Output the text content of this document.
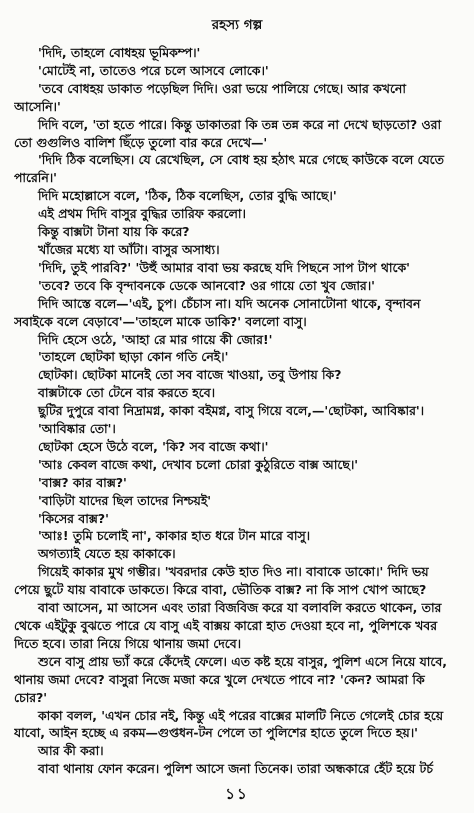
রহস্য গল্প
'দিদি, তাহলে বোধহয় ভূমিকম্প।'
'মোটেই না, তাতেও পরে চলে আসবে লোকে।'
'তবে বোধহয় ডাকাত পড়েছিল দিদি। ওরা ভয়ে পালিয়ে গেছে। আর কখনো
আসেনি।'
দিদি বলে, 'তা হতে পারে। কিন্তু ডাকাতরা কি তন্ন তন্ন করে না দেখে ছাড়তো? ওরা
তো গুগুলিও বালিশ ছিঁড়ে তুলো বার করে দেখে—'
'দিদি ঠিক বলেছিস। যে রেখেছিল, সে বোধ হয় হঠাৎ মরে গেছে কাউকে বলে যেতে
পারেনি।'
দিদি মহোল্লাসে বলে, 'ঠিক, ঠিক বলেছিস, তোর বুদ্ধি আছে।'
এই প্রথম দিদি বাসুর বুদ্ধির তারিফ করলো।
কিন্তু বাক্সটা টানা যায় কি করে?
খাঁজের মধ্যে যা আঁটা। বাসুর অসাধ্য।
'দিদি, তুই পারবি?' 'উহুঁ আমার বাবা ভয় করছে যদি পিছনে সাপ টাপ থাকে'
'তবে? তবে কি বৃন্দাবনকে ডেকে আনবো? ওর গায়ে তো খুব জোর।'
দিদি আস্তে বলে—'এই, চুপ। চেঁচাস না। যদি অনেক সোনাটোনা থাকে, বৃন্দাবন
সবাইকে বলে বেড়াবে'—'তাহলে মাকে ডাকি?' বললো বাসু।
দিদি হেসে ওঠে, 'আহা রে মার গায়ে কী জোর!'
'তাহলে ছোটকা ছাড়া কোন গতি নেই।'
ছোটকা। ছোটকা মানেই তো সব বাজে খাওয়া, তবু উপায় কি?
বাক্সটাকে তো টেনে বার করতে হবে।
ছুটির দুপুরে বাবা নিদ্রামগ্ন, কাকা বইমগ্ন, বাসু গিয়ে বলে,—'ছোটকা, আবিষ্কার'।
'আবিষ্কার তো'।
ছোটকা হেসে উঠে বলে, 'কি? সব বাজে কথা।'
'আঃ কেবল বাজে কথা, দেখাব চলো চোরা কুঠুরিতে বাক্স আছে।'
'বাক্স? কার বাক্স?'
'বাড়িটা যাদের ছিল তাদের নিশ্চয়ই'
'কিসের বাক্স?'
'আঃ! তুমি চলোই না', কাকার হাত ধরে টান মারে বাসু।
অগত্যাই যেতে হয় কাকাকে।
গিয়েই কাকার মুখ গম্ভীর। 'খবরদার কেউ হাত দিও না। বাবাকে ডাকো।' দিদি ভয়
পেয়ে ছুটে যায় বাবাকে ডাকতে। কিরে বাবা, ভৌতিক বাক্স? না কি সাপ খোপ আছে?
বাবা আসেন, মা আসেন এবং তারা বিজবিজ করে যা বলাবলি করতে থাকেন, তার
থেকে এইটুকু বুঝতে পারে যে বাসু এই বাক্সয় কারো হাত দেওয়া হবে না, পুলিশকে খবর
দিতে হবে। তারা নিয়ে গিয়ে থানায় জমা দেবে।
শুনে বাসু প্রায় ভ্যাঁ করে কেঁদেই ফেলে। এত কষ্ট হয়ে বাসুর, পুলিশ এসে নিয়ে যাবে,
থানায় জমা দেবে? বাসুরা নিজে মজা করে খুলে দেখতে পাবে না? 'কেন? আমরা কি
চোর?'
কাকা বলল, 'এখন চোর নই, কিন্তু এই পরের বাক্সের মালটি নিতে গেলেই চোর হয়ে
যাবো, আইন হচ্ছে এ রকম—গুপ্তধন-টন পেলে তা পুলিশের হাতে তুলে দিতে হয়।'
আর কী করা।
বাবা থানায় ফোন করেন। পুলিশ আসে জনা তিনেক। তারা অন্ধকারে হেঁট হয়ে টর্চ
১১
